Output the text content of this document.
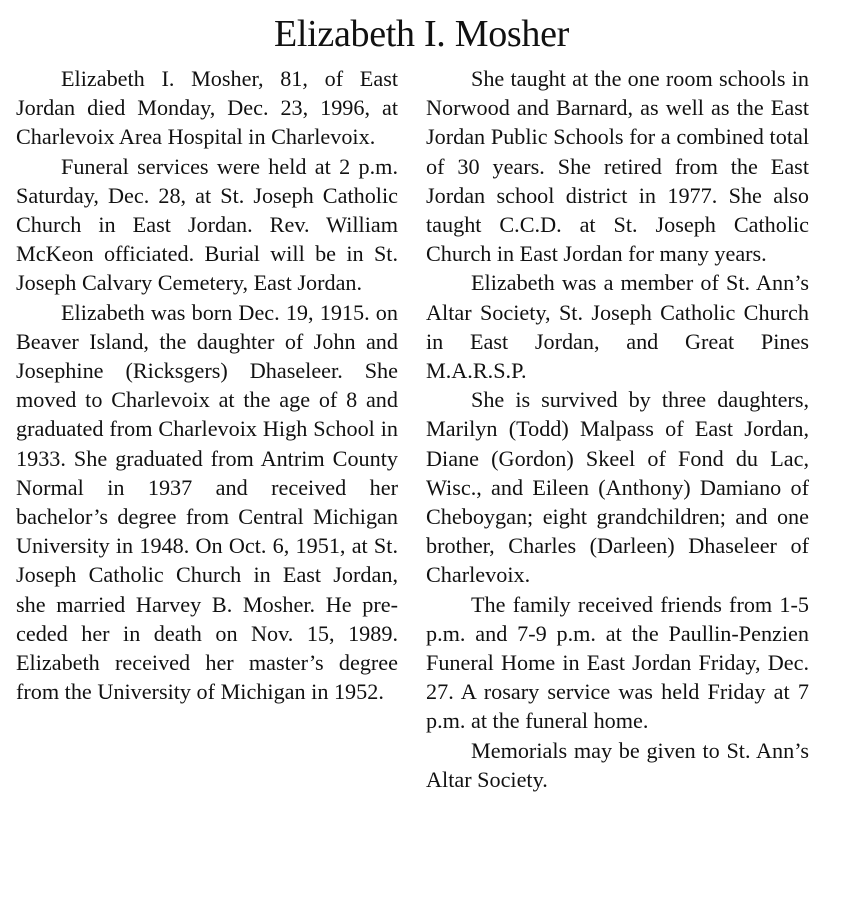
Elizabeth I. Mosher

Elizabeth I. Mosher, 81, of East Jordan died Monday, Dec. 23, 1996, at Charlevoix Area Hospital in Charlevoix.

Funeral services were held at 2 p.m. Saturday, Dec. 28, at St. Joseph Catholic Church in East Jordan. Rev. William McKeon officiated. Burial will be in St. Joseph Calvary Cemetery, East Jordan.

Elizabeth was born Dec. 19, 1915. on Beaver Island, the daughter of John and Josephine (Ricksgers) Dhaseleer. She moved to Charlevoix at the age of 8 and graduated from Charlevoix High School in 1933. She graduated from Antrim County Normal in 1937 and received her bachelor’s degree from Central Michigan University in 1948. On Oct. 6, 1951, at St. Joseph Catholic Church in East Jordan, she married Harvey B. Mosher. He preceded her in death on Nov. 15, 1989. Elizabeth received her master’s degree from the University of Michigan in 1952.

She taught at the one room schools in Norwood and Barnard, as well as the East Jordan Public Schools for a combined total of 30 years. She retired from the East Jordan school district in 1977. She also taught C.C.D. at St. Joseph Catholic Church in East Jordan for many years.

Elizabeth was a member of St. Ann’s Altar Society, St. Joseph Catholic Church in East Jordan, and Great Pines M.A.R.S.P.

She is survived by three daughters, Marilyn (Todd) Malpass of East Jordan, Diane (Gordon) Skeel of Fond du Lac, Wisc., and Eileen (Anthony) Damiano of Cheboygan; eight grandchildren; and one brother, Charles (Darleen) Dhaseleer of Charlevoix.

The family received friends from 1-5 p.m. and 7-9 p.m. at the Paullin-Penzien Funeral Home in East Jordan Friday, Dec. 27. A rosary service was held Friday at 7 p.m. at the funeral home.

Memorials may be given to St. Ann’s Altar Society.
